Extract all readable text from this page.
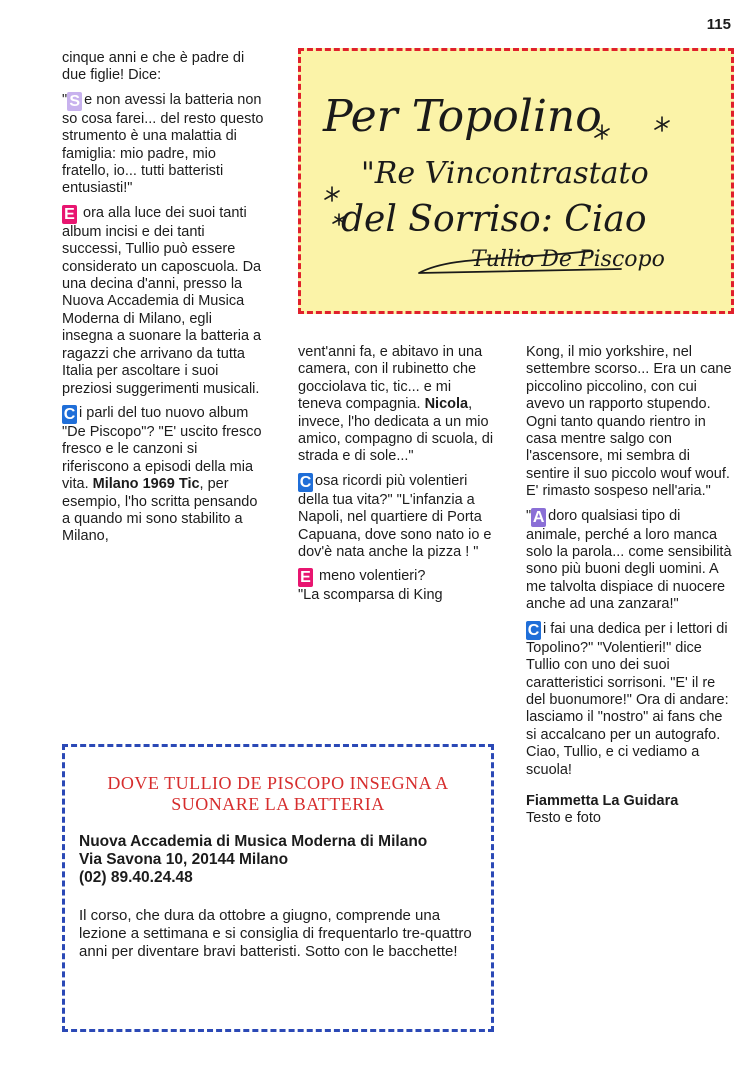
115

cinque anni e che è padre di due figlie! Dice:

" S e non avessi la batteria non so cosa farei... del resto questo strumento è una malattia di famiglia: mio padre, mio fratello, io... tutti batteristi entusiasti!"

E ora alla luce dei suoi tanti album incisi e dei tanti successi, Tullio può essere considerato un caposcuola. Da una decina d'anni, presso la Nuova Accademia di Musica Moderna di Milano, egli insegna a suonare la batteria a ragazzi che arrivano da tutta Italia per ascoltare i suoi preziosi suggerimenti musicali.

C i parli del tuo nuovo album "De Piscopo"? "E' uscito fresco fresco e le canzoni si riferiscono a episodi della mia vita. Milano 1969 Tic, per esempio, l'ho scritta pensando a quando mi sono stabilito a Milano,

Per Topolino
"Re Vincontrastato
del Sorriso: Ciao
Tullio De Piscopo

vent'anni fa, e abitavo in una camera, con il rubinetto che gocciolava tic, tic... e mi teneva compagnia. Nicola, invece, l'ho dedicata a un mio amico, compagno di scuola, di strada e di sole..."

C osa ricordi più volentieri della tua vita?" "L'infanzia a Napoli, nel quartiere di Porta Capuana, dove sono nato io e dov'è nata anche la pizza ! "

E meno volentieri?
"La scomparsa di King

Kong, il mio yorkshire, nel settembre scorso... Era un cane piccolino piccolino, con cui avevo un rapporto stupendo. Ogni tanto quando rientro in casa mentre salgo con l'ascensore, mi sembra di sentire il suo piccolo wouf wouf. E' rimasto sospeso nell'aria."

" A doro qualsiasi tipo di animale, perché a loro manca solo la parola... come sensibilità sono più buoni degli uomini. A me talvolta dispiace di nuocere anche ad una zanzara!"

C i fai una dedica per i lettori di Topolino?" "Volentieri!" dice Tullio con uno dei suoi caratteristici sorrisoni. "E' il re del buonumore!" Ora di andare: lasciamo il "nostro" ai fans che si accalcano per un autografo. Ciao, Tullio, e ci vediamo a scuola!

Fiammetta La Guidara
Testo e foto

DOVE TULLIO DE PISCOPO INSEGNA A
SUONARE LA BATTERIA

Nuova Accademia di Musica Moderna di Milano
Via Savona 10, 20144 Milano
(02) 89.40.24.48

Il corso, che dura da ottobre a giugno, comprende una lezione a settimana e si consiglia di frequentarlo tre-quattro anni per diventare bravi batteristi. Sotto con le bacchette!
